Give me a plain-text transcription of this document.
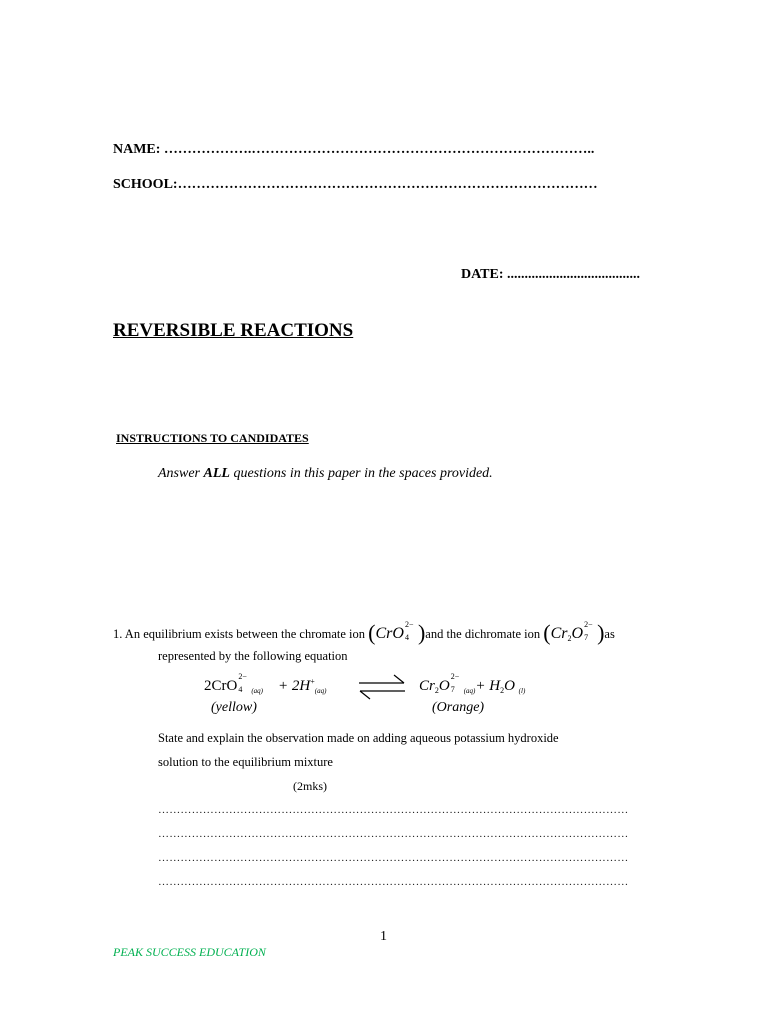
NAME: ……………….………………………………………………………………..
SCHOOL:………………………………………………………………………………
DATE: ......................................
REVERSIBLE REACTIONS
INSTRUCTIONS TO CANDIDATES
Answer ALL questions in this paper in the spaces provided.
1. An equilibrium exists between the chromate ion (CrO
2−
4 )and the dichromate ion ($Cr_2O$
2−
7 )as
represented by the following equation
2CrO
2−
4 $_{(aq)} + 2H^+_{(aq)}$ ⇌ $Cr_2O$
2−
7 $_{(aq)}+ H_2O$ $_{(l)}$
(yellow)	(Orange)
State and explain the observation made on adding aqueous potassium hydroxide
solution to the equilibrium mixture
(2mks)
………………………………………………………………………………………………………………
………………………………………………………………………………………………………………
………………………………………………………………………………………………………………
………………………………………………………………………………………………………………
1
PEAK SUCCESS EDUCATION
